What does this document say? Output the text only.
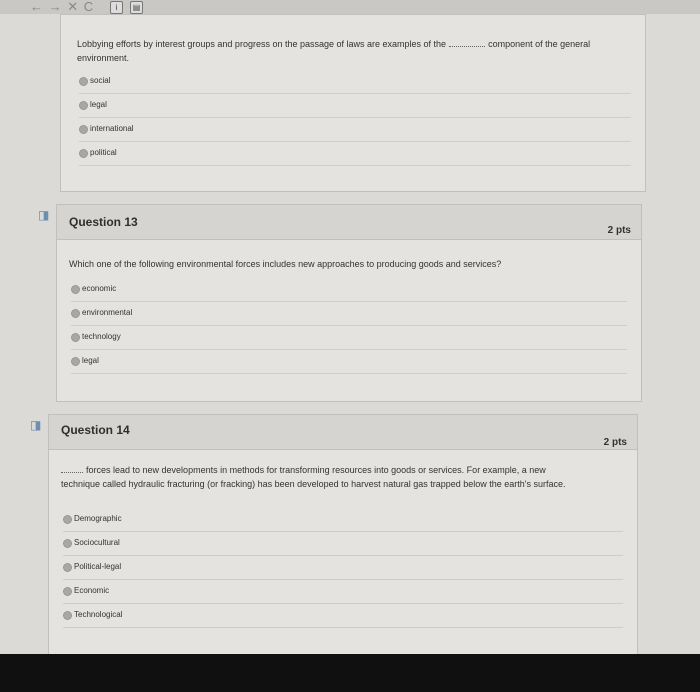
← → ✕ C	i	▤
Lobbying efforts by interest groups and progress on the passage of laws are examples of the	component of the general
environment.
social
legal
international
political
◨ Question 13
2 pts
Which one of the following environmental forces includes new approaches to producing goods and services?
economic
environmental
technology
legal
◨ Question 14
2 pts
forces lead to new developments in methods for transforming resources into goods or services. For example, a new
technique called hydraulic fracturing (or fracking) has been developed to harvest natural gas trapped below the earth's surface.
Demographic
Sociocultural
Political-legal
Economic
Technological
